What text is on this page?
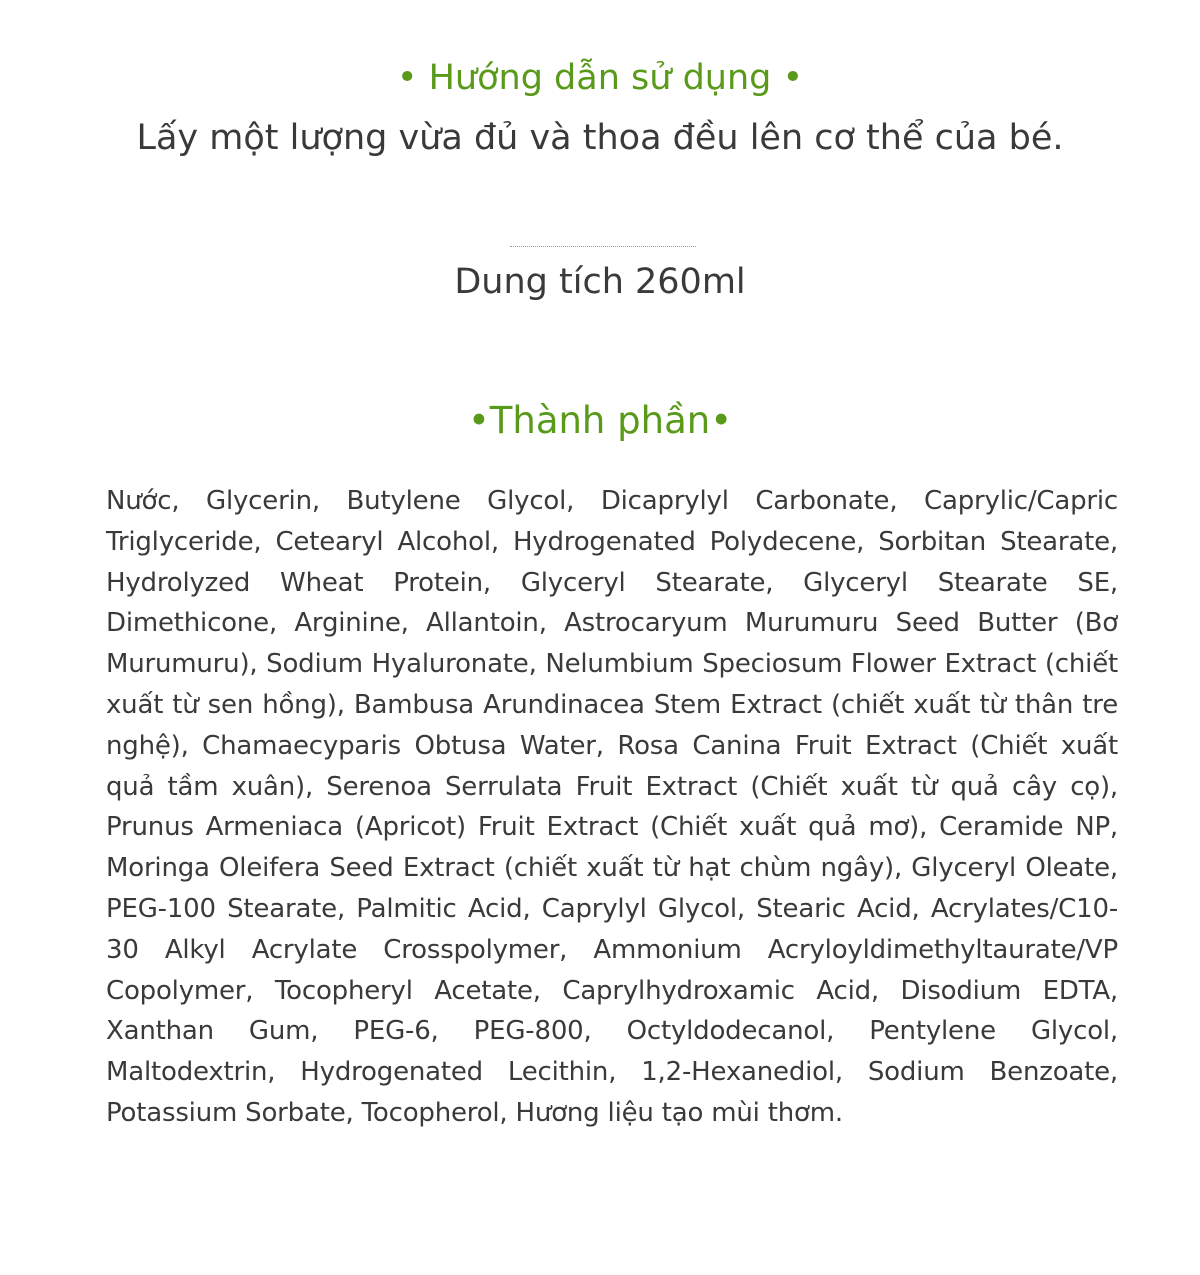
• Hướng dẫn sử dụng •
Lấy một lượng vừa đủ và thoa đều lên cơ thể của bé.
Dung tích 260ml
•Thành phần•

Nước, Glycerin, Butylene Glycol, Dicaprylyl Carbonate, Caprylic/Capric Triglyceride, Cetearyl Alcohol, Hydrogenated Polydecene, Sorbitan Stearate, Hydrolyzed Wheat Protein, Glyceryl Stearate, Glyceryl Stearate SE, Dimethicone, Arginine, Allantoin, Astrocaryum Murumuru Seed Butter (Bơ Murumuru), Sodium Hyaluronate, Nelumbium Speciosum Flower Extract (chiết xuất từ sen hồng), Bambusa Arundinacea Stem Extract (chiết xuất từ thân tre nghệ), Chamaecyparis Obtusa Water, Rosa Canina Fruit Extract (Chiết xuất quả tầm xuân), Serenoa Serrulata Fruit Extract (Chiết xuất từ quả cây cọ), Prunus Armeniaca (Apricot) Fruit Extract (Chiết xuất quả mơ), Ceramide NP, Moringa Oleifera Seed Extract (chiết xuất từ hạt chùm ngây), Glyceryl Oleate, PEG-100 Stearate, Palmitic Acid, Caprylyl Glycol, Stearic Acid, Acrylates/C10-30 Alkyl Acrylate Crosspolymer, Ammonium Acryloyldimethyltaurate/VP Copolymer, Tocopheryl Acetate, Caprylhydroxamic Acid, Disodium EDTA, Xanthan Gum, PEG-6, PEG-800, Octyldodecanol, Pentylene Glycol, Maltodextrin, Hydrogenated Lecithin, 1,2-Hexanediol, Sodium Benzoate, Potassium Sorbate, Tocopherol, Hương liệu tạo mùi thơm.
